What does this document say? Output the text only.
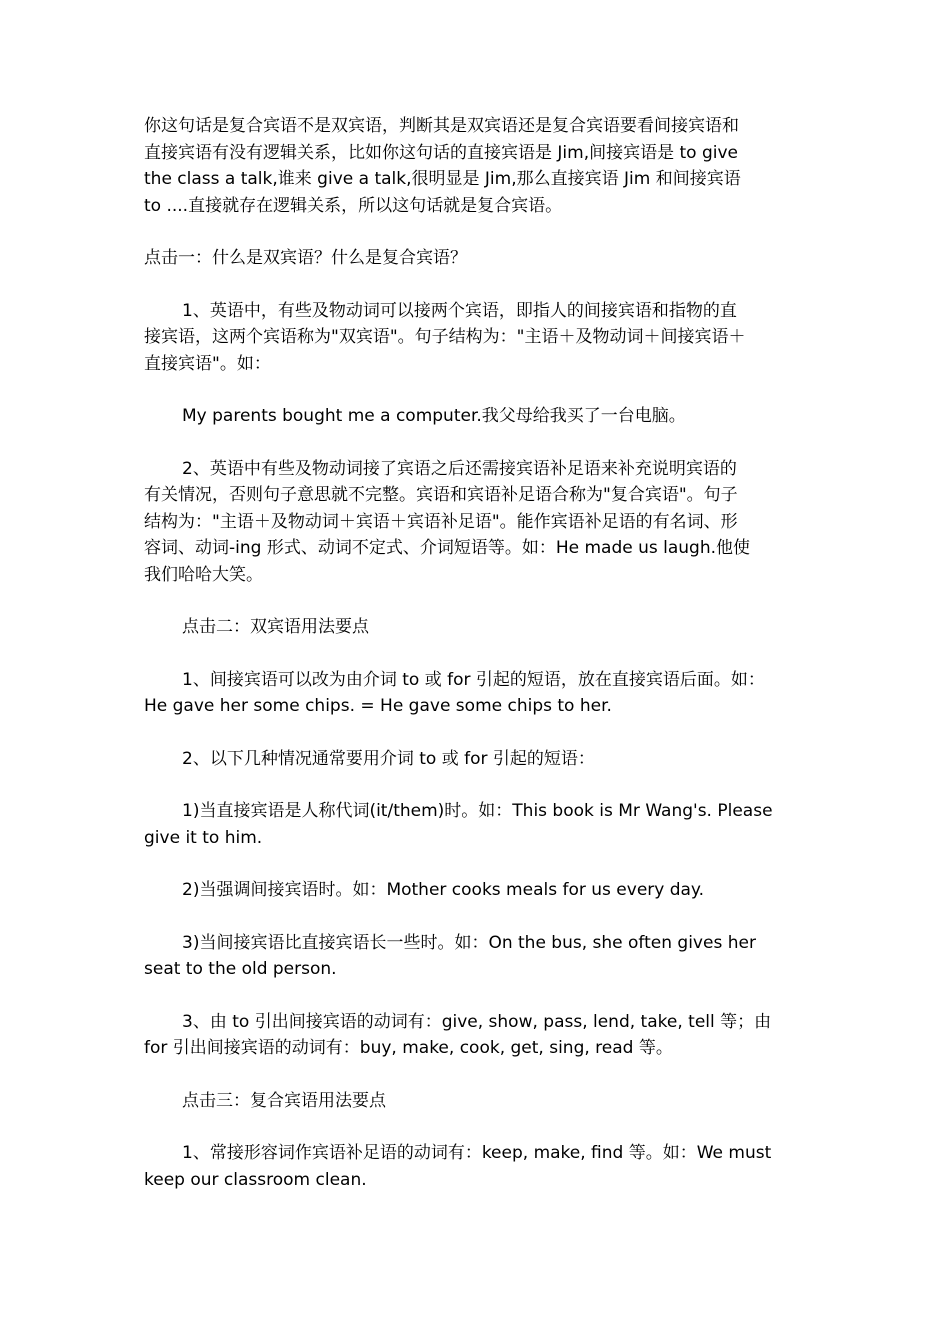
你这句话是复合宾语不是双宾语，判断其是双宾语还是复合宾语要看间接宾语和
直接宾语有没有逻辑关系，比如你这句话的直接宾语是 Jim,间接宾语是 to give
the class a talk,谁来 give a talk,很明显是 Jim,那么直接宾语 Jim 和间接宾语
to ....直接就存在逻辑关系，所以这句话就是复合宾语。

点击一：什么是双宾语？什么是复合宾语？

1、英语中，有些及物动词可以接两个宾语，即指人的间接宾语和指物的直
接宾语，这两个宾语称为"双宾语"。句子结构为："主语＋及物动词＋间接宾语＋
直接宾语"。如：

My parents bought me a computer.我父母给我买了一台电脑。

2、英语中有些及物动词接了宾语之后还需接宾语补足语来补充说明宾语的
有关情况，否则句子意思就不完整。宾语和宾语补足语合称为"复合宾语"。句子
结构为："主语＋及物动词＋宾语＋宾语补足语"。能作宾语补足语的有名词、形
容词、动词-ing 形式、动词不定式、介词短语等。如：He made us laugh.他使
我们哈哈大笑。

点击二：双宾语用法要点

1、间接宾语可以改为由介词 to 或 for 引起的短语，放在直接宾语后面。如：
He gave her some chips. = He gave some chips to her.

2、以下几种情况通常要用介词 to 或 for 引起的短语：

1)当直接宾语是人称代词(it/them)时。如：This book is Mr Wang's. Please
give it to him.

2)当强调间接宾语时。如：Mother cooks meals for us every day.

3)当间接宾语比直接宾语长一些时。如：On the bus, she often gives her
seat to the old person.

3、由 to 引出间接宾语的动词有：give, show, pass, lend, take, tell 等；由
for 引出间接宾语的动词有：buy, make, cook, get, sing, read 等。

点击三：复合宾语用法要点

1、常接形容词作宾语补足语的动词有：keep, make, find 等。如：We must
keep our classroom clean.
